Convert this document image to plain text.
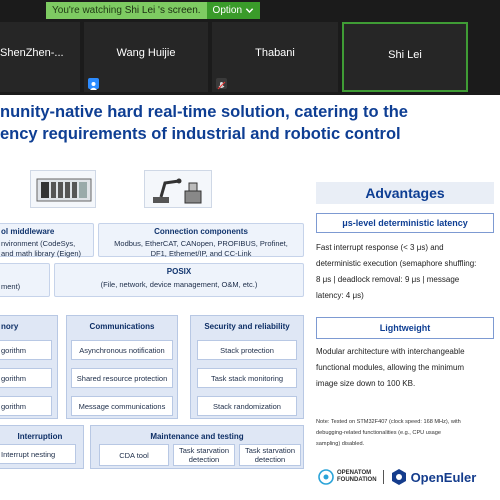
You're watching Shi Lei 's screen.	Option
ShenZhen-...	Wang Huijie	Thabani	Shi Lei
nunity-native hard real-time solution, catering to the
ency requirements of industrial and robotic control
ol middleware
nvironment (CodeSys,
and math library (Eigen)
Connection components
Modbus, EtherCAT, CANopen, PROFIBUS, Profinet,
DF1, Ethernet/IP, and CC-Link
ment)
POSIX
(File, network, device management, O&M, etc.)
nory
gorithm
gorithm
gorithm
Communications
Asynchronous notification
Shared resource protection
Message communications
Security and reliability
Stack protection
Task stack monitoring
Stack randomization
Interruption
Interrupt nesting
Maintenance and testing
CDA tool	Task starvation detection
Task starvation detection
Advantages
μs-level deterministic latency
Fast interrupt response (< 3 μs) and
deterministic execution (semaphore shuffling:
8 μs | deadlock removal: 9 μs | message
latency: 4 μs)
Lightweight
Modular architecture with interchangeable
functional modules, allowing the minimum
image size down to 100 KB.
Note: Tested on STM32F407 (clock speed: 168 MHz), with
debugging-related functionalities (e.g., CPU usage
sampling) disabled.
OPENATOM
FOUNDATION	OpenEuler
